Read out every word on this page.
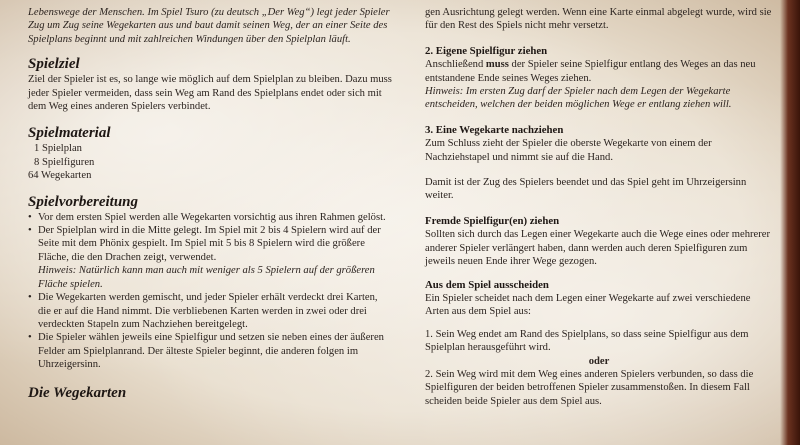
Lebenswege der Menschen. Im Spiel Tsuro (zu deutsch „Der Weg“) legt jeder Spieler Zug um Zug seine Wegekarten aus und baut damit seinen Weg, der an einer Seite des Spielplans beginnt und mit zahlreichen Windungen über den Spielplan läuft.

Spielziel

Ziel der Spieler ist es, so lange wie möglich auf dem Spielplan zu bleiben. Dazu muss jeder Spieler vermeiden, dass sein Weg am Rand des Spielplans endet oder sich mit dem Weg eines anderen Spielers verbindet.

Spielmaterial

1 Spielplan

8 Spielfiguren

64 Wegekarten

Spielvorbereitung

• Vor dem ersten Spiel werden alle Wegekarten vorsichtig aus ihren Rahmen gelöst.
• Der Spielplan wird in die Mitte gelegt. Im Spiel mit 2 bis 4 Spielern wird auf der Seite mit dem Phönix gespielt. Im Spiel mit 5 bis 8 Spielern wird die größere Fläche, die den Drachen zeigt, verwendet.

Hinweis: Natürlich kann man auch mit weniger als 5 Spielern auf der größeren Fläche spielen.

• Die Wegekarten werden gemischt, und jeder Spieler erhält verdeckt drei Karten, die er auf die Hand nimmt. Die verbliebenen Karten werden in zwei oder drei verdeckten Stapeln zum Nachziehen bereitgelegt.
• Die Spieler wählen jeweils eine Spielfigur und setzen sie neben eines der äußeren Felder am Spielplanrand. Der älteste Spieler beginnt, die anderen folgen im Uhrzeigersinn.

Die Wegekarten

gen Ausrichtung gelegt werden. Wenn eine Karte einmal abgelegt wurde, wird sie für den Rest des Spiels nicht mehr versetzt.

2. Eigene Spielfigur ziehen

Anschließend muss der Spieler seine Spielfigur entlang des Weges an das neu entstandene Ende seines Weges ziehen.

Hinweis: Im ersten Zug darf der Spieler nach dem Legen der Wegekarte entscheiden, welchen der beiden möglichen Wege er entlang ziehen will.

3. Eine Wegekarte nachziehen

Zum Schluss zieht der Spieler die oberste Wegekarte von einem der Nachziehstapel und nimmt sie auf die Hand.

Damit ist der Zug des Spielers beendet und das Spiel geht im Uhrzeigersinn weiter.

Fremde Spielfigur(en) ziehen

Sollten sich durch das Legen einer Wegekarte auch die Wege eines oder mehrerer anderer Spieler verlängert haben, dann werden auch deren Spielfiguren zum jeweils neuen Ende ihrer Wege gezogen.

Aus dem Spiel ausscheiden

Ein Spieler scheidet nach dem Legen einer Wegekarte auf zwei verschiedene Arten aus dem Spiel aus:

1. Sein Weg endet am Rand des Spielplans, so dass seine Spielfigur aus dem Spielplan herausgeführt wird.

oder

2. Sein Weg wird mit dem Weg eines anderen Spielers verbunden, so dass die Spielfiguren der beiden betroffenen Spieler zusammenstoßen. In diesem Fall scheiden beide Spieler aus dem Spiel aus.
